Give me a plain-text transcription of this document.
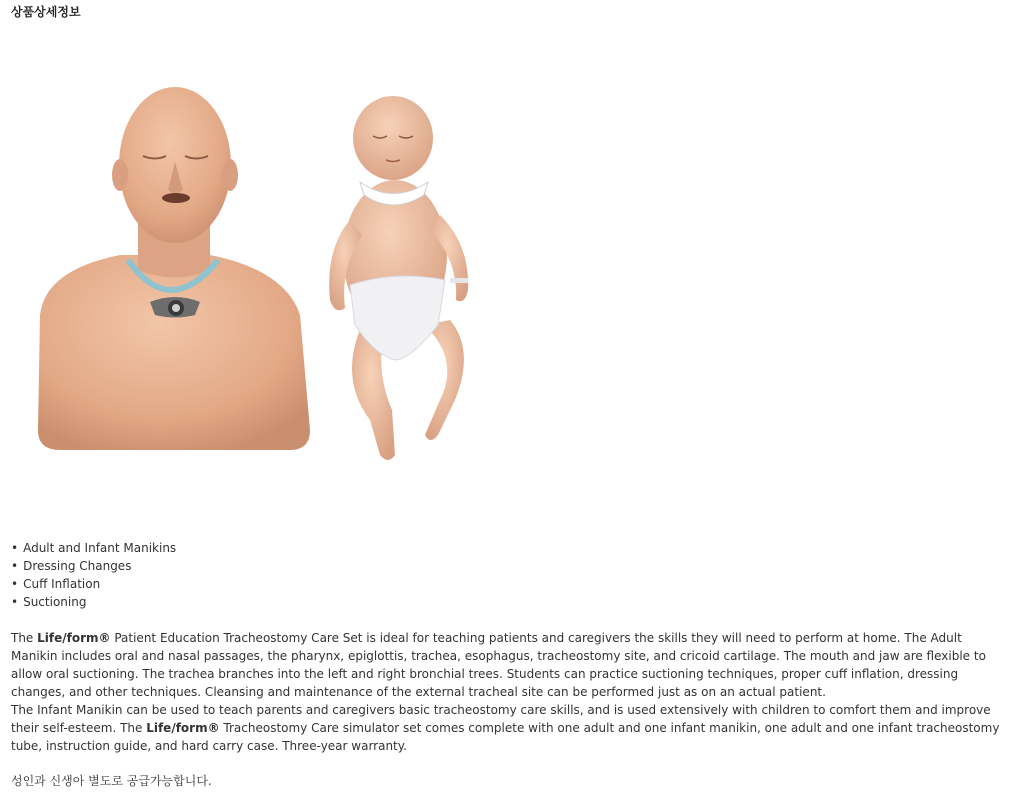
상품상세정보
• Adult and Infant Manikins
• Dressing Changes
• Cuff Inflation
• Suctioning

The Life/form® Patient Education Tracheostomy Care Set is ideal for teaching patients and caregivers the skills they will need to perform at home. The Adult Manikin includes oral and nasal passages, the pharynx, epiglottis, trachea, esophagus, tracheostomy site, and cricoid cartilage. The mouth and jaw are flexible to allow oral suctioning. The trachea branches into the left and right bronchial trees. Students can practice suctioning techniques, proper cuff inflation, dressing changes, and other techniques. Cleansing and maintenance of the external tracheal site can be performed just as on an actual patient.
The Infant Manikin can be used to teach parents and caregivers basic tracheostomy care skills, and is used extensively with children to comfort them and improve their self-esteem. The Life/form® Tracheostomy Care simulator set comes complete with one adult and one infant manikin, one adult and one infant tracheostomy tube, instruction guide, and hard carry case. Three-year warranty.

성인과 신생아 별도로 공급가능합니다.
